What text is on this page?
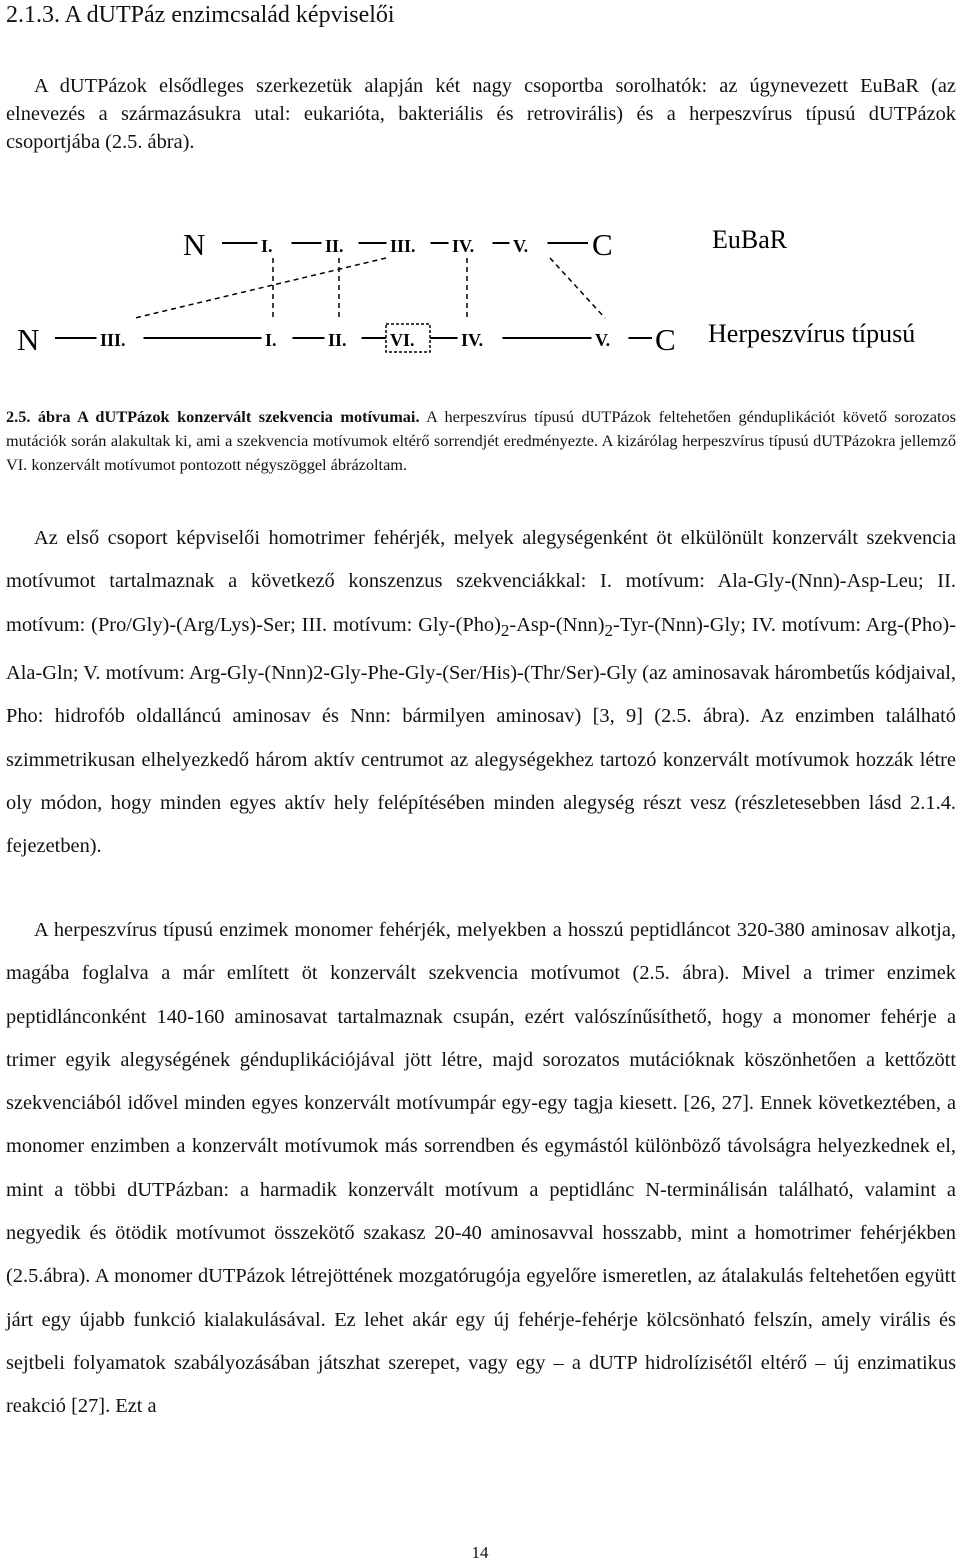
2.1.3. A dUTPáz enzimcsalád képviselői

A dUTPázok elsődleges szerkezetük alapján két nagy csoportba sorolhatók: az úgynevezett EuBaR (az elnevezés a származásukra utal: eukarióta, bakteriális és retrovirális) és a herpeszvírus típusú dUTPázok csoportjába (2.5. ábra).

N	C	EuBaR
I.	II.	III. IV. V.
N	C Herpeszvírus típusú
III.	I.	II. VI.	IV.	V.

2.5. ábra A dUTPázok konzervált szekvencia motívumai. A herpeszvírus típusú dUTPázok feltehetően génduplikációt követő sorozatos mutációk során alakultak ki, ami a szekvencia motívumok eltérő sorrendjét eredményezte. A kizárólag herpeszvírus típusú dUTPázokra jellemző VI. konzervált motívumot pontozott négyszöggel ábrázoltam.

Az első csoport képviselői homotrimer fehérjék, melyek alegységenként öt elkülönült konzervált szekvencia motívumot tartalmaznak a következő konszenzus szekvenciákkal: I. motívum: Ala-Gly-(Nnn)-Asp-Leu; II. motívum: (Pro/Gly)-(Arg/Lys)-Ser; III. motívum: Gly-$(Pho)_2-Asp-(Nnn)_2-Tyr-(Nnn)$-Gly; IV. motívum: Arg-(Pho)-Ala-Gln; V. motívum: Arg-Gly-(Nnn)2-Gly-Phe-Gly-(Ser/His)-(Thr/Ser)-Gly (az aminosavak hárombetűs kódjaival, Pho: hidrofób oldalláncú aminosav és Nnn: bármilyen aminosav) [3, 9] (2.5. ábra). Az enzimben található szimmetrikusan elhelyezkedő három aktív centrumot az alegységekhez tartozó konzervált motívumok hozzák létre oly módon, hogy minden egyes aktív hely felépítésében minden alegység részt vesz (részletesebben lásd 2.1.4. fejezetben).

A herpeszvírus típusú enzimek monomer fehérjék, melyekben a hosszú peptidláncot 320-380 aminosav alkotja, magába foglalva a már említett öt konzervált szekvencia motívumot (2.5. ábra). Mivel a trimer enzimek peptidlánconként 140-160 aminosavat tartalmaznak csupán, ezért valószínűsíthető, hogy a monomer fehérje a trimer egyik alegységének génduplikációjával jött létre, majd sorozatos mutációknak köszönhetően a kettőzött szekvenciából idővel minden egyes konzervált motívumpár egy-egy tagja kiesett. [26, 27]. Ennek következtében, a monomer enzimben a konzervált motívumok más sorrendben és egymástól különböző távolságra helyezkednek el, mint a többi dUTPázban: a harmadik konzervált motívum a peptidlánc N-terminálisán található, valamint a negyedik és ötödik motívumot összekötő szakasz 20-40 aminosavval hosszabb, mint a homotrimer fehérjékben (2.5.ábra). A monomer dUTPázok létrejöttének mozgatórugója egyelőre ismeretlen, az átalakulás feltehetően együtt járt egy újabb funkció kialakulásával. Ez lehet akár egy új fehérje-fehérje kölcsönható felszín, amely virális és sejtbeli folyamatok szabályozásában játszhat szerepet, vagy egy – a dUTP hidrolízisétől eltérő – új enzimatikus reakció [27]. Ezt a

14
